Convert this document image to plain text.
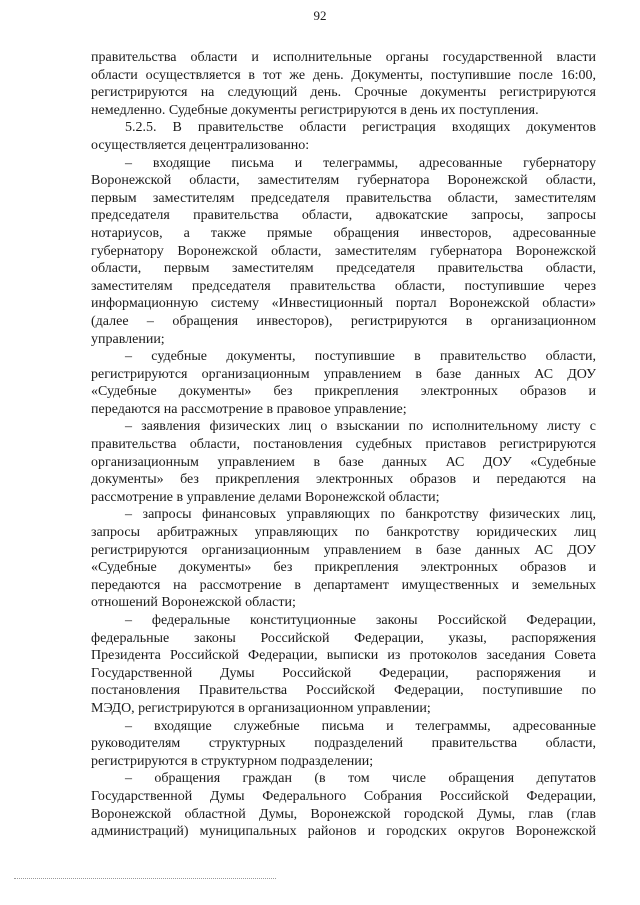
92

правительства области и исполнительные органы государственной власти

области осуществляется в тот же день. Документы, поступившие после 16:00,

регистрируются на следующий день. Срочные документы регистрируются

немедленно. Судебные документы регистрируются в день их поступления.

5.2.5. В правительстве области регистрация входящих документов

осуществляется децентрализованно:

– входящие письма и телеграммы, адресованные губернатору

Воронежской области, заместителям губернатора Воронежской области,

первым заместителям председателя правительства области, заместителям

председателя правительства области, адвокатские запросы, запросы

нотариусов, а также прямые обращения инвесторов, адресованные

губернатору Воронежской области, заместителям губернатора Воронежской

области, первым заместителям председателя правительства области,

заместителям председателя правительства области, поступившие через

информационную систему «Инвестиционный портал Воронежской области»

(далее – обращения инвесторов), регистрируются в организационном

управлении;

– судебные документы, поступившие в правительство области,

регистрируются организационным управлением в базе данных АС ДОУ

«Судебные документы» без прикрепления электронных образов и

передаются на рассмотрение в правовое управление;

– заявления физических лиц о взыскании по исполнительному листу с

правительства области, постановления судебных приставов регистрируются

организационным управлением в базе данных АС ДОУ «Судебные

документы» без прикрепления электронных образов и передаются на

рассмотрение в управление делами Воронежской области;

– запросы финансовых управляющих по банкротству физических лиц,

запросы арбитражных управляющих по банкротству юридических лиц

регистрируются организационным управлением в базе данных АС ДОУ

«Судебные документы» без прикрепления электронных образов и

передаются на рассмотрение в департамент имущественных и земельных

отношений Воронежской области;

– федеральные конституционные законы Российской Федерации,

федеральные законы Российской Федерации, указы, распоряжения

Президента Российской Федерации, выписки из протоколов заседания Совета

Государственной Думы Российской Федерации, распоряжения и

постановления Правительства Российской Федерации, поступившие по

МЭДО, регистрируются в организационном управлении;

– входящие служебные письма и телеграммы, адресованные

руководителям структурных подразделений правительства области,

регистрируются в структурном подразделении;

– обращения граждан (в том числе обращения депутатов

Государственной Думы Федерального Собрания Российской Федерации,

Воронежской областной Думы, Воронежской городской Думы, глав (глав

администраций) муниципальных районов и городских округов Воронежской
